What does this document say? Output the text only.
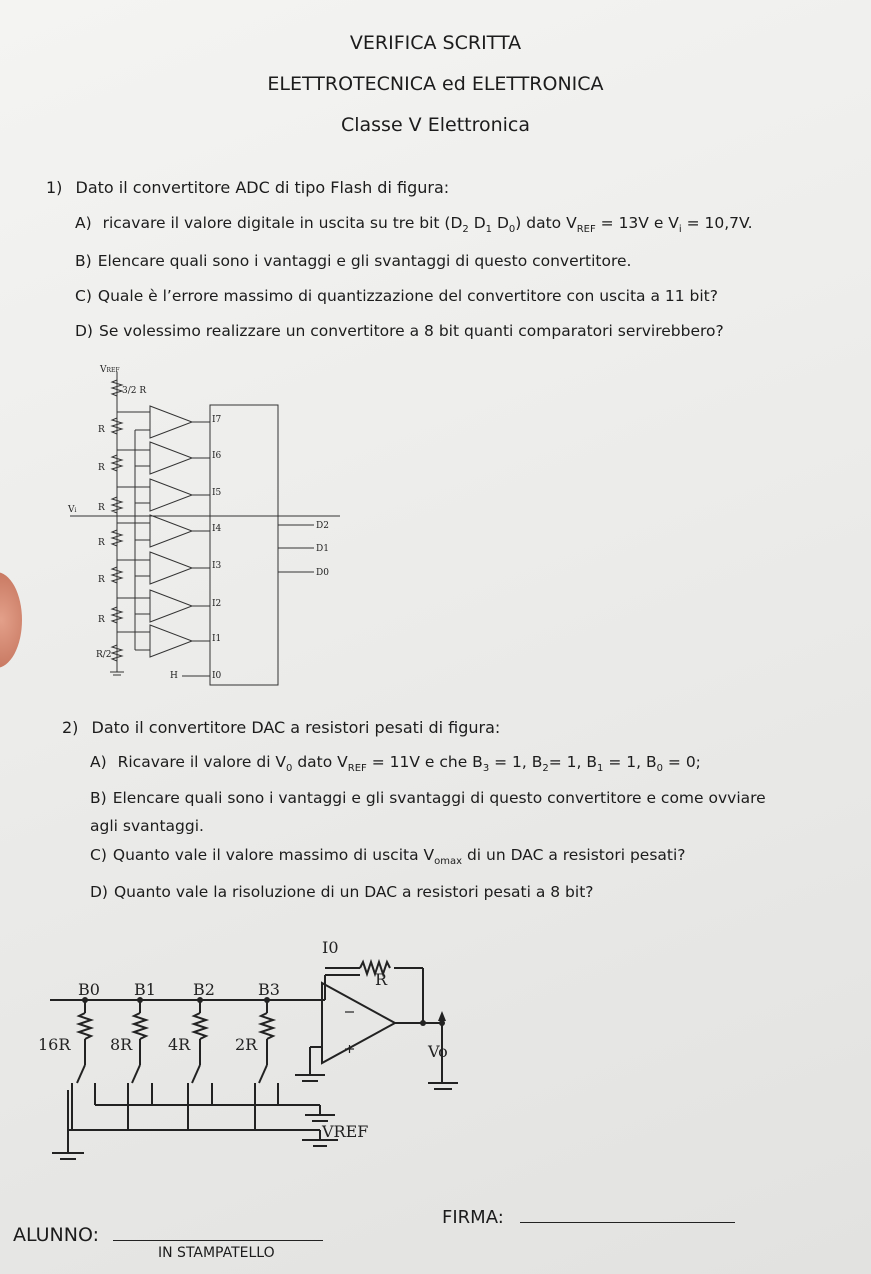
VERIFICA SCRITTA
ELETTROTECNICA ed ELETTRONICA
Classe V Elettronica
1) Dato il convertitore ADC di tipo Flash di figura:
A) ricavare il valore digitale in uscita su tre bit ($D_2$ $D_1$ $D_0$) dato $V_{REF} = 13V$ e $V_i = 10,7V$.
B) Elencare quali sono i vantaggi e gli svantaggi di questo convertitore.
C) Quale è l’errore massimo di quantizzazione del convertitore con uscita a 11 bit?
D) Se volessimo realizzare un convertitore a 8 bit quanti comparatori servirebbero?
VREF
3/2 R
R
R
R
R
R
R
R/2
Vi
I7
I6
I5
I4
I3
I2
I1
I0
H
D2
D1
D0
2) Dato il convertitore DAC a resistori pesati di figura:
A) Ricavare il valore di $V_0$ dato $V_{REF} = 11V$ e che $B_3 = 1$, $B_2= 1$, $B_1 = 1$, $B_0 = 0$;
B) Elencare quali sono i vantaggi e gli svantaggi di questo convertitore e come ovviare agli svantaggi.
C) Quanto vale il valore massimo di uscita $V_{omax}$ di un DAC a resistori pesati?
D) Quanto vale la risoluzione di un DAC a resistori pesati a 8 bit?
B0 B1 B2	B3
16R 8R 4R	2R
R
I0
Vo
VREF
ALUNNO:
IN STAMPATELLO
FIRMA:
